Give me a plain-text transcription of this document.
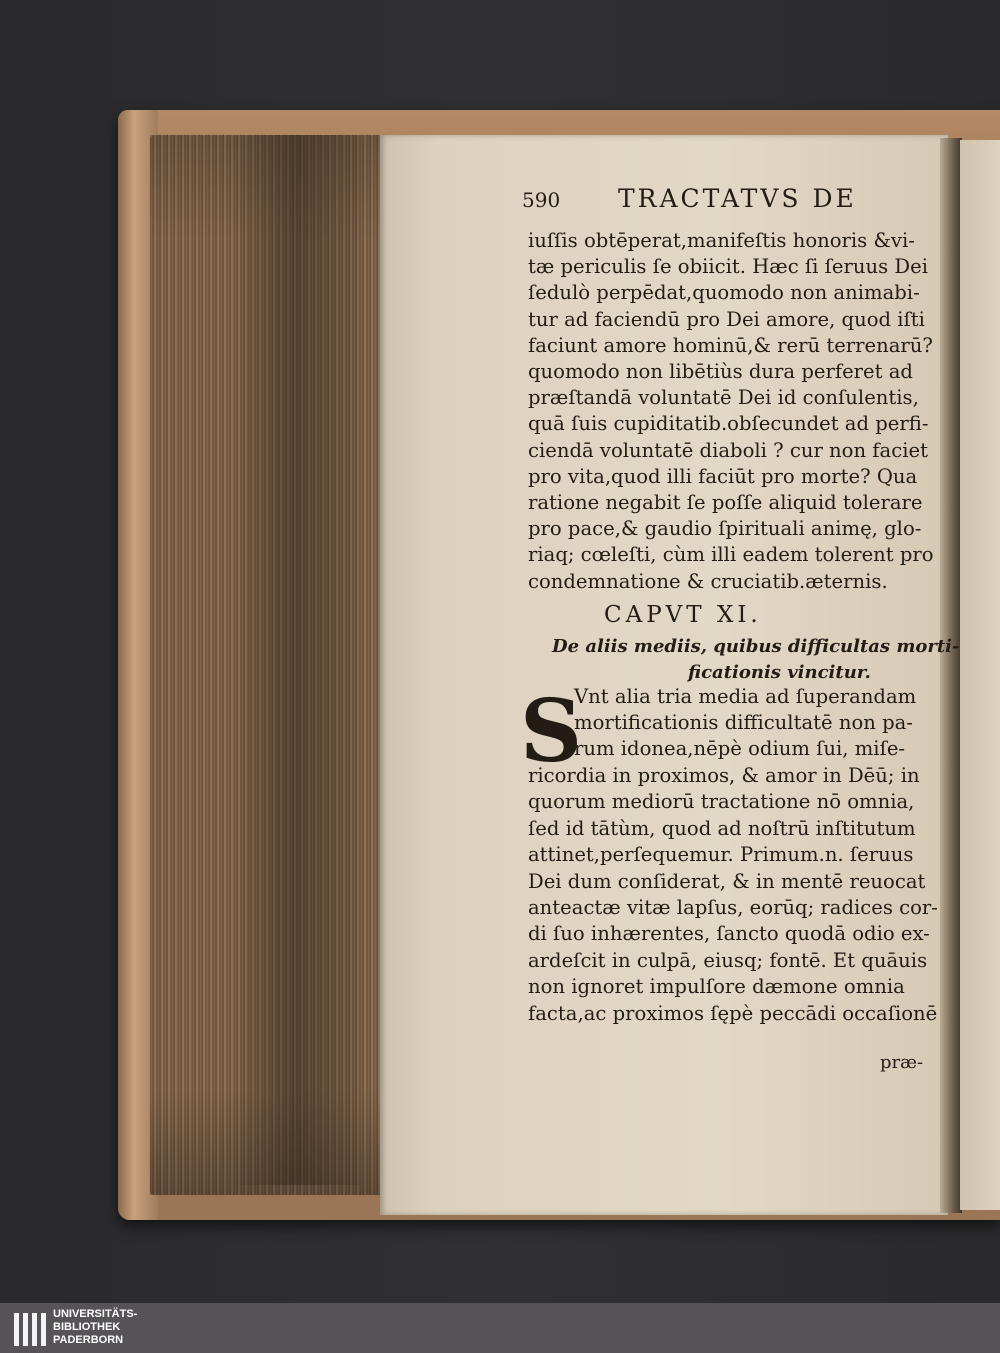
590 TRACTATVS DE
iuſſis obtēperat,manifeſtis honoris &vi-
tæ periculis ſe obiicit. Hæc ſi ſeruus Dei
ſedulò perpēdat,quomodo non animabi-
tur ad faciendū pro Dei amore, quod iſti
faciunt amore hominū,& rerū terrenarū?
quomodo non libētiùs dura perferet ad
præſtandā voluntatē Dei id conſulentis,
quā ſuis cupiditatib.obſecundet ad perfi-
ciendā voluntatē diaboli ? cur non faciet
pro vita,quod illi faciūt pro morte? Qua
ratione negabit ſe poſſe aliquid tolerare
pro pace,& gaudio ſpirituali animę, glo-
riaq; cœleſti, cùm illi eadem tolerent pro
condemnatione & cruciatib.æternis.
CAPVT XI.
De aliis mediis, quibus difficultas morti-
ficationis vincitur.
S
Vnt alia tria media ad ſuperandam
mortificationis difficultatē non pa-
rum idonea,nēpè odium ſui, miſe-
ricordia in proximos, & amor in Dēū; in
quorum mediorū tractatione nō omnia,
ſed id tātùm, quod ad noſtrū inſtitutum
attinet,perſequemur. Primum.n. ſeruus
Dei dum conſiderat, & in mentē reuocat
anteactæ vitæ lapſus, eorūq; radices cor-
di ſuo inhærentes, ſancto quodā odio ex-
ardeſcit in culpā, eiusq; fontē. Et quāuis
non ignoret impulſore dæmone omnia
facta,ac proximos ſępè peccādi occaſionē
præ-
UNIVERSITÄTS-
BIBLIOTHEK
PADERBORN
